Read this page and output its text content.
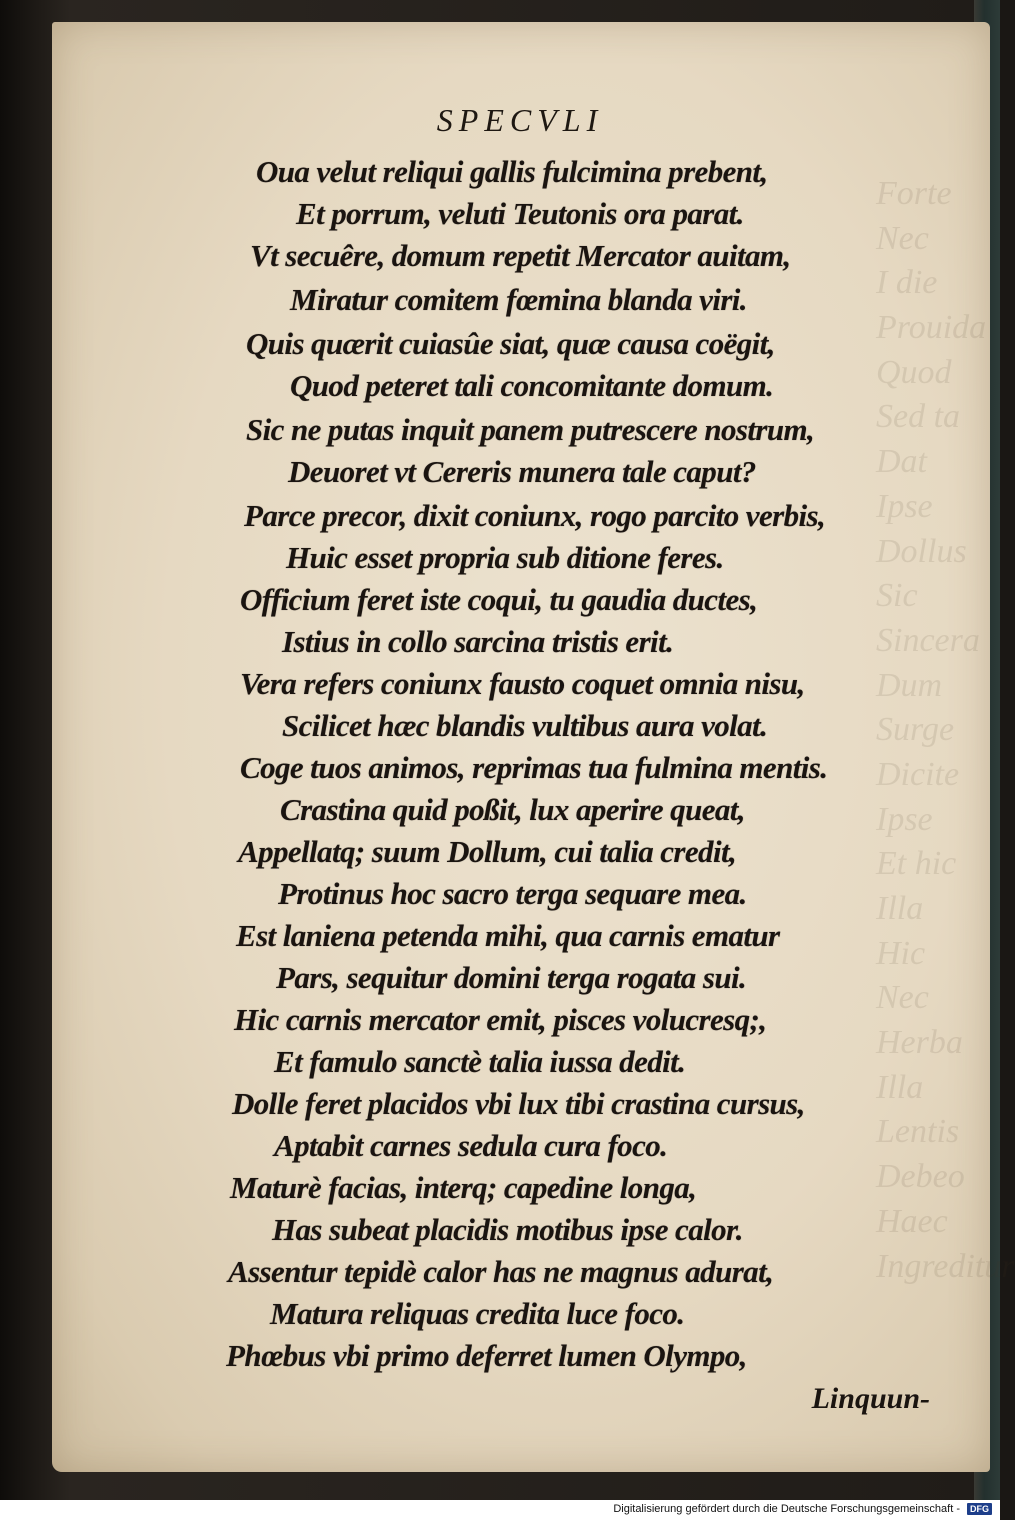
Forte
Nec
I die
Prouida
Quod
Sed ta
Dat
Ipse
Dollus
Sic
Sincera
Dum
Surge
Dicite
Ipse
Et hic
Illa
Hic
Nec
Herba
Illa
Lentis
Debeo
Haec
Ingreditur
SPECVLI
Oua velut reliqui gallis fulcimina prebent,
Et porrum, veluti Teutonis ora parat.
Vt secuêre, domum repetit Mercator auitam,
Miratur comitem fœmina blanda viri.
Quis quærit cuiasûe siat, quæ causa coëgit,
Quod peteret tali concomitante domum.
Sic ne putas inquit panem putrescere nostrum,
Deuoret vt Cereris munera tale caput?
Parce precor, dixit coniunx, rogo parcito verbis,
Huic esset propria sub ditione feres.
Officium feret iste coqui, tu gaudia ductes,
Istius in collo sarcina tristis erit.
Vera refers coniunx fausto coquet omnia nisu,
Scilicet hæc blandis vultibus aura volat.
Coge tuos animos, reprimas tua fulmina mentis.
Crastina quid poßit, lux aperire queat,
Appellatq; suum Dollum, cui talia credit,
Protinus hoc sacro terga sequare mea.
Est laniena petenda mihi, qua carnis ematur
Pars, sequitur domini terga rogata sui.
Hic carnis mercator emit, pisces volucresq;,
Et famulo sanctè talia iussa dedit.
Dolle feret placidos vbi lux tibi crastina cursus,
Aptabit carnes sedula cura foco.
Maturè facias, interq; capedine longa,
Has subeat placidis motibus ipse calor.
Assentur tepidè calor has ne magnus adurat,
Matura reliquas credita luce foco.
Phœbus vbi primo deferret lumen Olympo,
Linquun-
Digitalisierung gefördert durch die Deutsche Forschungsgemeinschaft -	DFG
